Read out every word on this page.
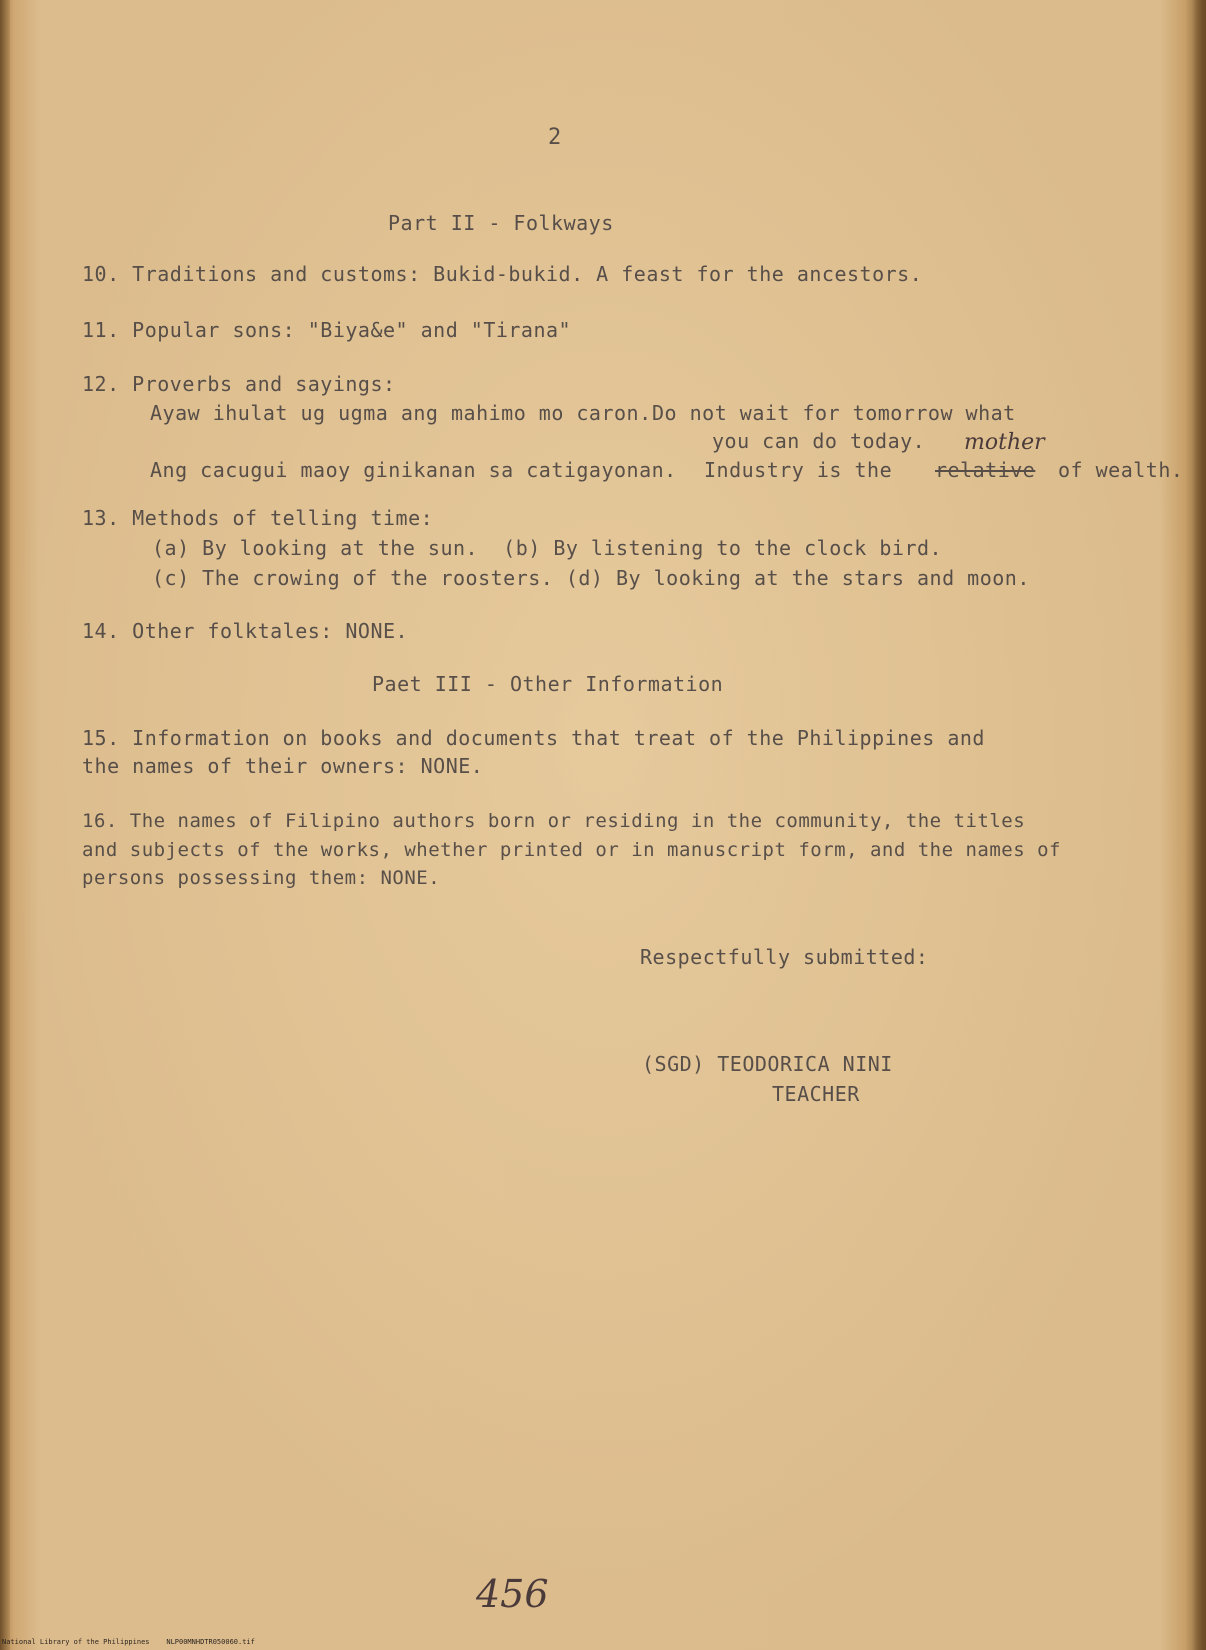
2
Part II - Folkways
10. Traditions and customs: Bukid-bukid. A feast for the ancestors.
11. Popular sons: "Biya&e" and "Tirana"
12. Proverbs and sayings:
Ayaw ihulat ug ugma ang mahimo mo caron. Do not wait for tomorrow what
you can do today. mother
Ang cacugui maoy ginikanan sa catigayonan. Industry is the relative of wealth.
13. Methods of telling time:
(a) By looking at the sun.  (b) By listening to the clock bird.
(c) The crowing of the roosters. (d) By looking at the stars and moon.
14. Other folktales: NONE.
Paet III - Other Information
15. Information on books and documents that treat of the Philippines and
the names of their owners: NONE.
16. The names of Filipino authors born or residing in the community, the titles
and subjects of the works, whether printed or in manuscript form, and the names of
persons possessing them: NONE.
Respectfully submitted:
(SGD) TEODORICA NINI
TEACHER
456
National Library of the Philippines    NLP00MNHDTR050060.tif
